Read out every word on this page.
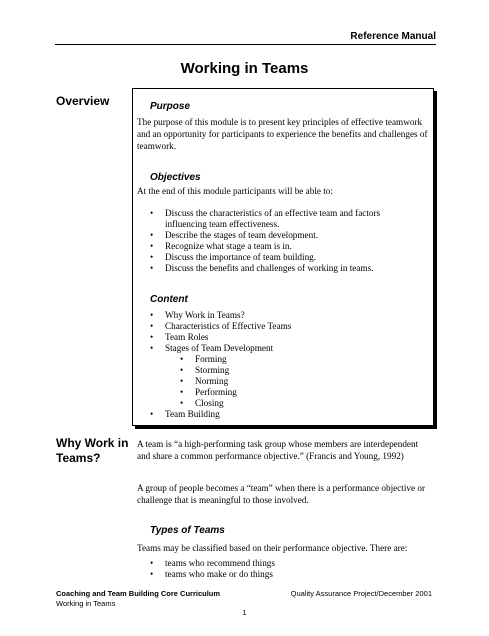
Reference Manual
Working in Teams
Overview	Purpose
The purpose of this module is to present key principles of effective teamwork and an opportunity for participants to experience the benefits and challenges of teamwork.
Objectives
At the end of this module participants will be able to:
• Discuss the characteristics of an effective team and factors influencing team effectiveness.
• Describe the stages of team development.
• Recognize what stage a team is in.
• Discuss the importance of team building.
• Discuss the benefits and challenges of working in teams.
Content
• Why Work in Teams?
• Characteristics of Effective Teams
• Team Roles
• Stages of Team Development
• Forming
• Storming
• Norming
• Performing
• Closing
• Team Building
Why Work in
Teams?
A team is “a high-performing task group whose members are interdependent and share a common performance objective.” (Francis and Young, 1992)
A group of people becomes a “team” when there is a performance objective or challenge that is meaningful to those involved.
Types of Teams
Teams may be classified based on their performance objective. There are:
• teams who recommend things
• teams who make or do things
Coaching and Team Building Core Curriculum
Working in Teams
Quality Assurance Project/December 2001
1
